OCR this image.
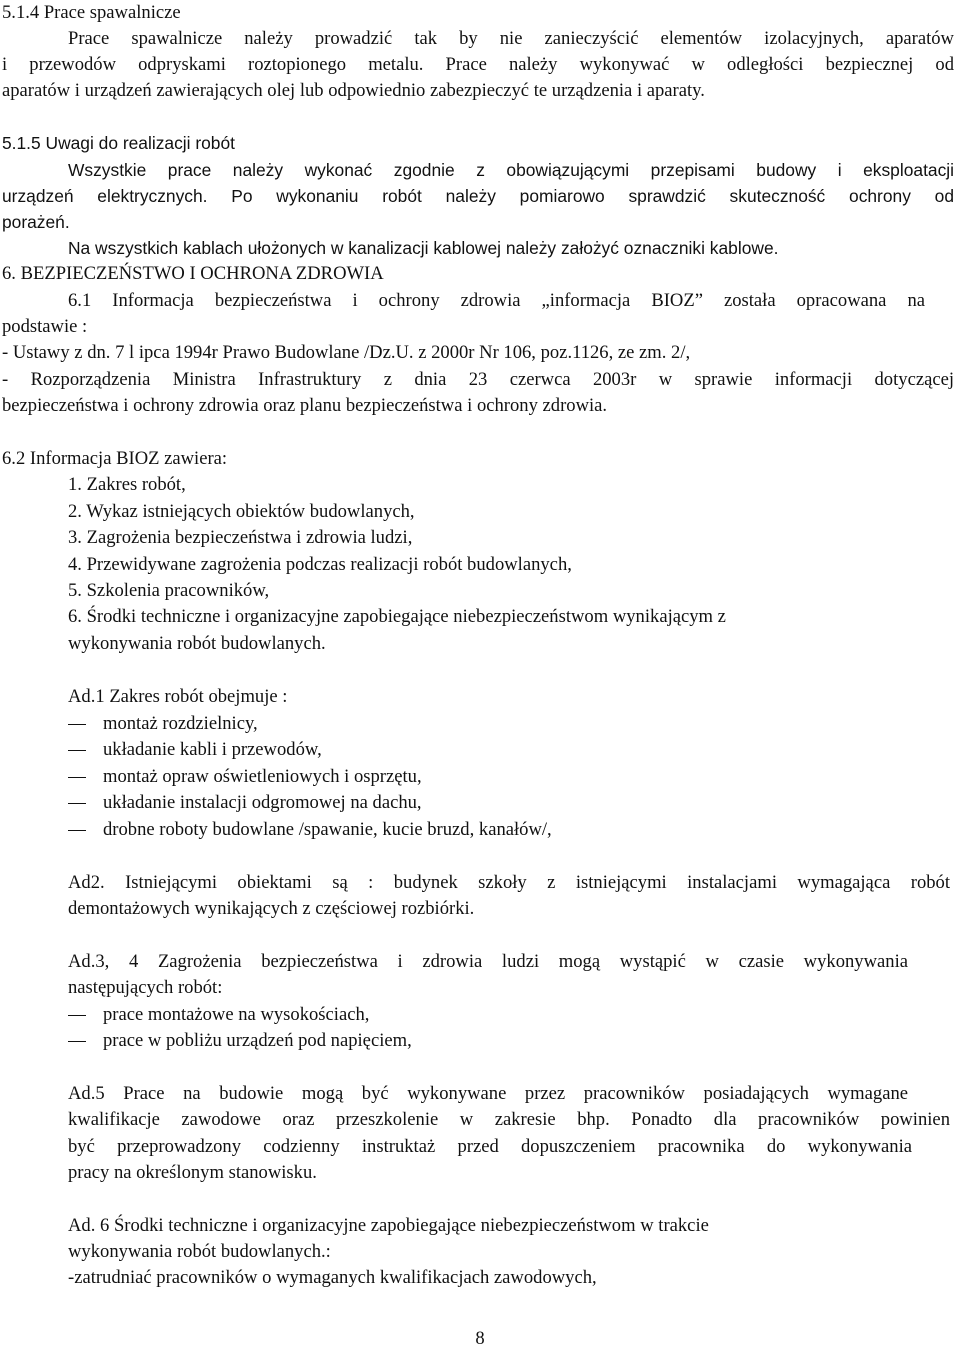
5.1.4 Prace spawalnicze
Prace spawalnicze należy prowadzić tak by nie zanieczyścić elementów izolacyjnych, aparatów
i przewodów odpryskami roztopionego metalu. Prace należy wykonywać w odległości bezpiecznej od
aparatów i urządzeń zawierających olej lub odpowiednio zabezpieczyć te urządzenia i aparaty.
5.1.5 Uwagi do realizacji robót
Wszystkie prace należy wykonać zgodnie z obowiązującymi przepisami budowy i eksploatacji
urządzeń elektrycznych. Po wykonaniu robót należy pomiarowo sprawdzić skuteczność ochrony od
porażeń.
Na wszystkich kablach ułożonych w kanalizacji kablowej należy założyć oznaczniki kablowe.
6. BEZPIECZEŃSTWO I OCHRONA ZDROWIA
6.1 Informacja bezpieczeństwa i ochrony zdrowia „informacja BIOZ” została opracowana na
podstawie :
- Ustawy z dn. 7 l ipca 1994r Prawo Budowlane /Dz.U. z 2000r Nr 106, poz.1126, ze zm. 2/,
- Rozporządzenia Ministra Infrastruktury z dnia 23 czerwca 2003r w sprawie informacji dotyczącej
bezpieczeństwa i ochrony zdrowia oraz planu bezpieczeństwa i ochrony zdrowia.
6.2 Informacja BIOZ zawiera:
1. Zakres robót,
2. Wykaz istniejących obiektów budowlanych,
3. Zagrożenia bezpieczeństwa i zdrowia ludzi,
4. Przewidywane zagrożenia podczas realizacji robót budowlanych,
5. Szkolenia pracowników,
6. Środki techniczne i organizacyjne zapobiegające niebezpieczeństwom wynikającym z
wykonywania robót budowlanych.
Ad.1 Zakres robót obejmuje :
montaż rozdzielnicy,
układanie kabli i przewodów,
montaż opraw oświetleniowych i osprzętu,
układanie instalacji odgromowej na dachu,
drobne roboty budowlane /spawanie, kucie bruzd, kanałów/,
Ad2. Istniejącymi obiektami są : budynek szkoły z istniejącymi instalacjami wymagająca robót
demontażowych wynikających z częściowej rozbiórki.
Ad.3, 4 Zagrożenia bezpieczeństwa i zdrowia ludzi mogą wystąpić w czasie wykonywania
następujących robót:
prace montażowe na wysokościach,
prace w pobliżu urządzeń pod napięciem,
Ad.5 Prace na budowie mogą być wykonywane przez pracowników posiadających wymagane
kwalifikacje zawodowe oraz przeszkolenie w zakresie bhp. Ponadto dla pracowników powinien
być przeprowadzony codzienny instruktaż przed dopuszczeniem pracownika do wykonywania
pracy na określonym stanowisku.
Ad. 6 Środki techniczne i organizacyjne zapobiegające niebezpieczeństwom w trakcie
wykonywania robót budowlanych.:
-zatrudniać pracowników o wymaganych kwalifikacjach zawodowych,
8
